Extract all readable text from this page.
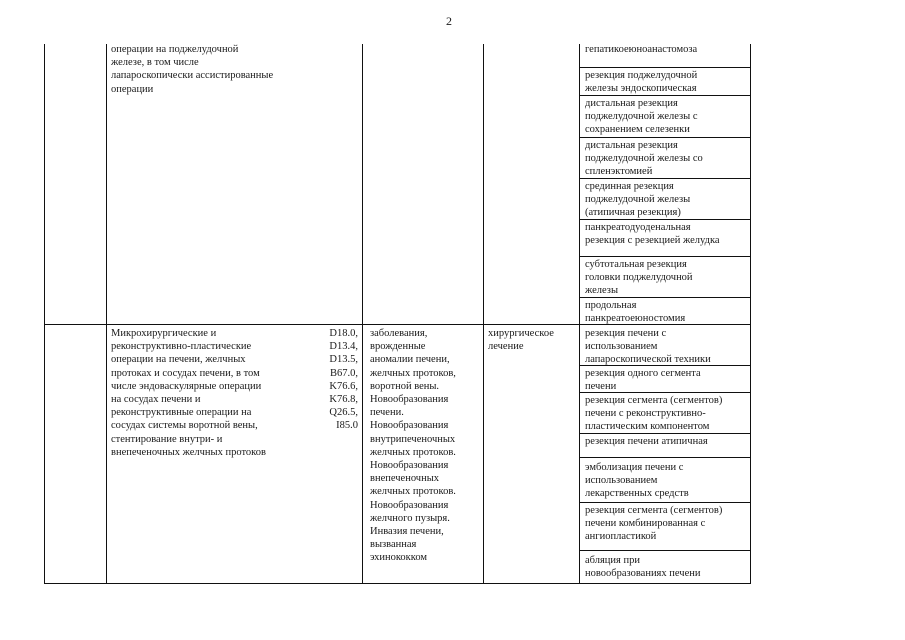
2
операции на поджелудочной
железе, в том числе
лапароскопически ассистированные
операции
гепатикоеюноанастомоза
резекция поджелудочной
железы эндоскопическая
дистальная резекция
поджелудочной железы с
сохранением селезенки
дистальная резекция
поджелудочной железы со
спленэктомией
срединная резекция
поджелудочной железы
(атипичная резекция)
панкреатодуоденальная
резекция с резекцией желудка
субтотальная резекция
головки поджелудочной
железы
продольная
панкреатоеюностомия
Микрохирургические и
реконструктивно-пластические
операции на печени, желчных
протоках и сосудах печени, в том
числе эндоваскулярные операции
на сосудах печени и
реконструктивные операции на
сосудах системы воротной вены,
стентирование внутри- и
внепеченочных желчных протоков
D18.0,
D13.4,
D13.5,
B67.0,
K76.6,
K76.8,
Q26.5,
I85.0
заболевания,
врожденные
аномалии печени,
желчных протоков,
воротной вены.
Новообразования
печени.
Новообразования
внутрипеченочных
желчных протоков.
Новообразования
внепеченочных
желчных протоков.
Новообразования
желчного пузыря.
Инвазия печени,
вызванная
эхинококком
хирургическое
лечение
резекция печени с
использованием
лапароскопической техники
резекция одного сегмента
печени
резекция сегмента (сегментов)
печени с реконструктивно-
пластическим компонентом
резекция печени атипичная
эмболизация печени с
использованием
лекарственных средств
резекция сегмента (сегментов)
печени комбинированная с
ангиопластикой
абляция при
новообразованиях печени
